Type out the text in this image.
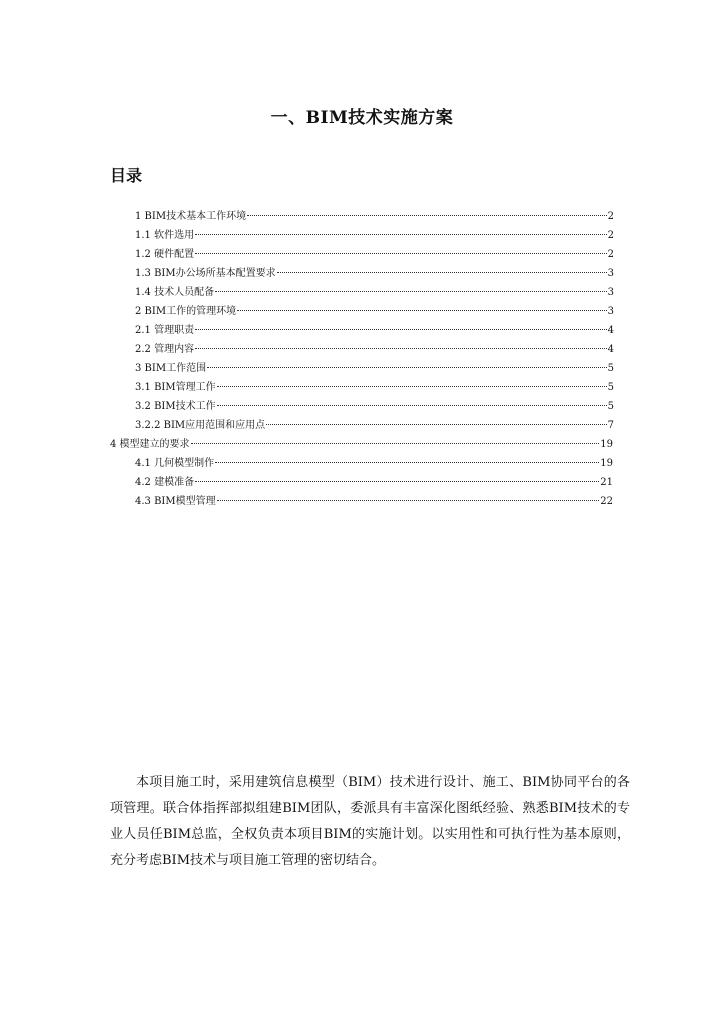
一、BIM技术实施方案
目录
1 BIM技术基本工作环境	2
1.1 软件选用	2
1.2 硬件配置	2
1.3 BIM办公场所基本配置要求	3
1.4 技术人员配备	3
2 BIM工作的管理环境	3
2.1 管理职责	4
2.2 管理内容	4
3 BIM工作范围	5
3.1 BIM管理工作	5
3.2 BIM技术工作	5
3.2.2 BIM应用范围和应用点	7
4 模型建立的要求	19
4.1 几何模型制作	19
4.2 建模准备	21
4.3 BIM模型管理	22

本项目施工时，采用建筑信息模型（BIM）技术进行设计、施工、BIM协同平台的各项管理。联合体指挥部拟组建BIM团队，委派具有丰富深化图纸经验、熟悉BIM技术的专业人员任BIM总监，全权负责本项目BIM的实施计划。以实用性和可执行性为基本原则，充分考虑BIM技术与项目施工管理的密切结合。
